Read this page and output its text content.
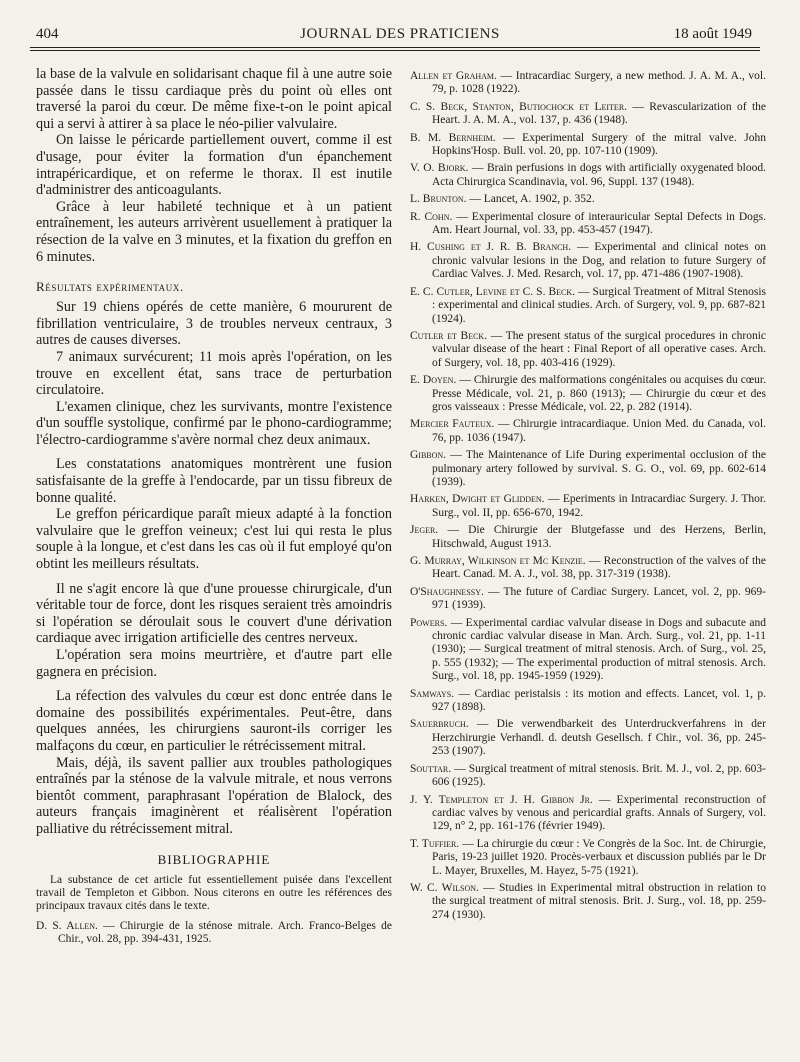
404	JOURNAL DES PRATICIENS	18 août 1949

la base de la valvule en solidarisant chaque fil à une autre soie passée dans le tissu cardiaque près du point où elles ont traversé la paroi du cœur. De même fixe-t-on le point apical qui a servi à attirer à sa place le néo-pilier valvulaire.

On laisse le péricarde partiellement ouvert, comme il est d'usage, pour éviter la formation d'un épanchement intrapéricardique, et on referme le thorax. Il est inutile d'administrer des anticoagulants.

Grâce à leur habileté technique et à un patient entraînement, les auteurs arrivèrent usuellement à pratiquer la résection de la valve en 3 minutes, et la fixation du greffon en 6 minutes.

Résultats expérimentaux.

Sur 19 chiens opérés de cette manière, 6 moururent de fibrillation ventriculaire, 3 de troubles nerveux centraux, 3 autres de causes diverses.

7 animaux survécurent; 11 mois après l'opération, on les trouve en excellent état, sans trace de perturbation circulatoire.

L'examen clinique, chez les survivants, montre l'existence d'un souffle systolique, confirmé par le phono-cardiogramme; l'électro-cardiogramme s'avère normal chez deux animaux.

Les constatations anatomiques montrèrent une fusion satisfaisante de la greffe à l'endocarde, par un tissu fibreux de bonne qualité.

Le greffon péricardique paraît mieux adapté à la fonction valvulaire que le greffon veineux; c'est lui qui resta le plus souple à la longue, et c'est dans les cas où il fut employé qu'on obtint les meilleurs résultats.

Il ne s'agit encore là que d'une prouesse chirurgicale, d'un véritable tour de force, dont les risques seraient très amoindris si l'opération se déroulait sous le couvert d'une dérivation cardiaque avec irrigation artificielle des centres nerveux.

L'opération sera moins meurtrière, et d'autre part elle gagnera en précision.

La réfection des valvules du cœur est donc entrée dans le domaine des possibilités expérimentales. Peut-être, dans quelques années, les chirurgiens sauront-ils corriger les malfaçons du cœur, en particulier le rétrécissement mitral.

Mais, déjà, ils savent pallier aux troubles pathologiques entraînés par la sténose de la valvule mitrale, et nous verrons bientôt comment, paraphrasant l'opération de Blalock, des auteurs français imaginèrent et réalisèrent l'opération palliative du rétrécissement mitral.

BIBLIOGRAPHIE

La substance de cet article fut essentiellement puisée dans l'excellent travail de Templeton et Gibbon. Nous citerons en outre les références des principaux travaux cités dans le texte.

D. S. Allen. — Chirurgie de la sténose mitrale. Arch. Franco-Belges de Chir., vol. 28, pp. 394-431, 1925.

Allen et Graham. — Intracardiac Surgery, a new method. J. A. M. A., vol. 79, p. 1028 (1922).

C. S. Beck, Stanton, Butiochock et Leiter. — Revascularization of the Heart. J. A. M. A., vol. 137, p. 436 (1948).

B. M. Bernheim. — Experimental Surgery of the mitral valve. John Hopkins'Hosp. Bull. vol. 20, pp. 107-110 (1909).

V. O. Bjork. — Brain perfusions in dogs with artificially oxygenated blood. Acta Chirurgica Scandinavia, vol. 96, Suppl. 137 (1948).

L. Brunton. — Lancet, A. 1902, p. 352.

R. Cohn. — Experimental closure of interauricular Septal Defects in Dogs. Am. Heart Journal, vol. 33, pp. 453-457 (1947).

H. Cushing et J. R. B. Branch. — Experimental and clinical notes on chronic valvular lesions in the Dog, and relation to future Surgery of Cardiac Valves. J. Med. Resarch, vol. 17, pp. 471-486 (1907-1908).

E. C. Cutler, Levine et C. S. Beck. — Surgical Treatment of Mitral Stenosis : experimental and clinical studies. Arch. of Surgery, vol. 9, pp. 687-821 (1924).

Cutler et Beck. — The present status of the surgical procedures in chronic valvular disease of the heart : Final Report of all operative cases. Arch. of Surgery, vol. 18, pp. 403-416 (1929).

E. Doyen. — Chirurgie des malformations congénitales ou acquises du cœur. Presse Médicale, vol. 21, p. 860 (1913); — Chirurgie du cœur et des gros vaisseaux : Presse Médicale, vol. 22, p. 282 (1914).

Mercier Fauteux. — Chirurgie intracardiaque. Union Med. du Canada, vol. 76, pp. 1036 (1947).

Gibbon. — The Maintenance of Life During experimental occlusion of the pulmonary artery followed by survival. S. G. O., vol. 69, pp. 602-614 (1939).

Harken, Dwight et Glidden. — Eperiments in Intracardiac Surgery. J. Thor. Surg., vol. II, pp. 656-670, 1942.

Jeger. — Die Chirurgie der Blutgefasse und des Herzens, Berlin, Hitschwald, August 1913.

G. Murray, Wilkinson et Mc Kenzie. — Reconstruction of the valves of the Heart. Canad. M. A. J., vol. 38, pp. 317-319 (1938).

O'Shaughnessy. — The future of Cardiac Surgery. Lancet, vol. 2, pp. 969-971 (1939).

Powers. — Experimental cardiac valvular disease in Dogs and subacute and chronic cardiac valvular disease in Man. Arch. Surg., vol. 21, pp. 1-11 (1930); — Surgical treatment of mitral stenosis. Arch. of Surg., vol. 25, p. 555 (1932); — The experimental production of mitral stenosis. Arch. Surg., vol. 18, pp. 1945-1959 (1929).

Samways. — Cardiac peristalsis : its motion and effects. Lancet, vol. 1, p. 927 (1898).

Sauerbruch. — Die verwendbarkeit des Unterdruckverfahrens in der Herzchirurgie Verhandl. d. deutsh Gesellsch. f Chir., vol. 36, pp. 245-253 (1907).

Souttar. — Surgical treatment of mitral stenosis. Brit. M. J., vol. 2, pp. 603-606 (1925).

J. Y. Templeton et J. H. Gibbon Jr. — Experimental reconstruction of cardiac valves by venous and pericardial grafts. Annals of Surgery, vol. 129, n° 2, pp. 161-176 (février 1949).

T. Tuffier. — La chirurgie du cœur : Ve Congrès de la Soc. Int. de Chirurgie, Paris, 19-23 juillet 1920. Procès-verbaux et discussion publiés par le Dr L. Mayer, Bruxelles, M. Hayez, 5-75 (1921).

W. C. Wilson. — Studies in Experimental mitral obstruction in relation to the surgical treatment of mitral stenosis. Brit. J. Surg., vol. 18, pp. 259-274 (1930).
